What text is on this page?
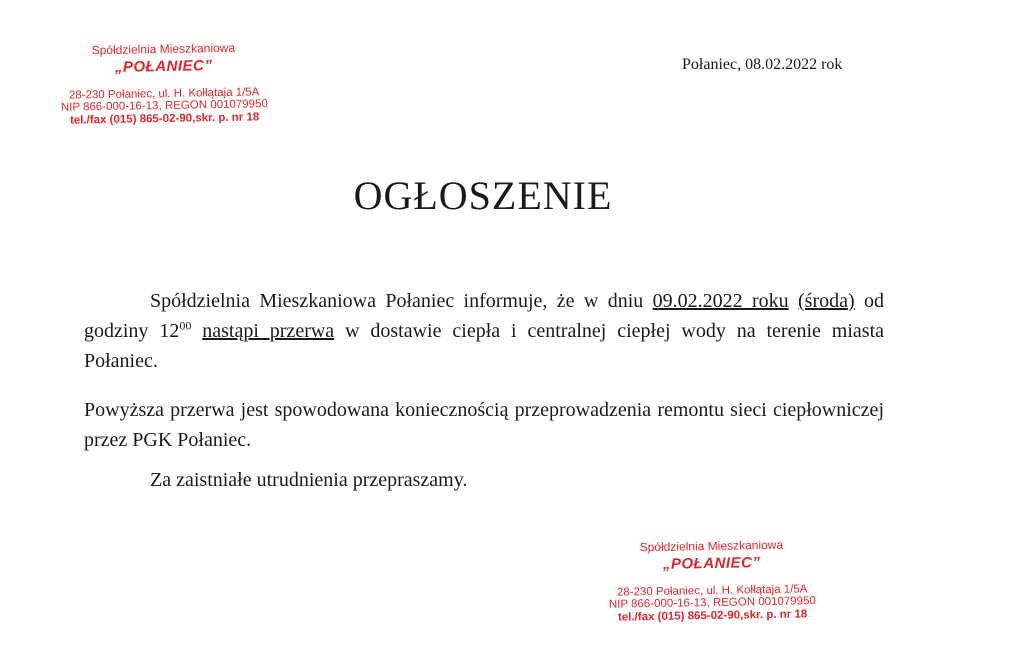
Spółdzielnia Mieszkaniowa
„POŁANIEC”
28-230 Połaniec, ul. H. Kołłątaja 1/5A
NIP 866-000-16-13, REGON 001079950
tel./fax (015) 865-02-90,skr. p. nr 18
Połaniec, 08.02.2022 rok
OGŁOSZENIE
Spółdzielnia Mieszkaniowa Połaniec informuje, że w dniu 09.02.2022 roku (środa) od godziny $12^{00}$ nastąpi przerwa w dostawie ciepła i centralnej ciepłej wody na terenie miasta Połaniec.
Powyższa przerwa jest spowodowana koniecznością przeprowadzenia remontu sieci ciepłowniczej przez PGK Połaniec.
Za zaistniałe utrudnienia przepraszamy.
Spółdzielnia Mieszkaniowa
„POŁANIEC”
28-230 Połaniec, ul. H. Kołłątaja 1/5A
NIP 866-000-16-13, REGON 001079950
tel./fax (015) 865-02-90,skr. p. nr 18
